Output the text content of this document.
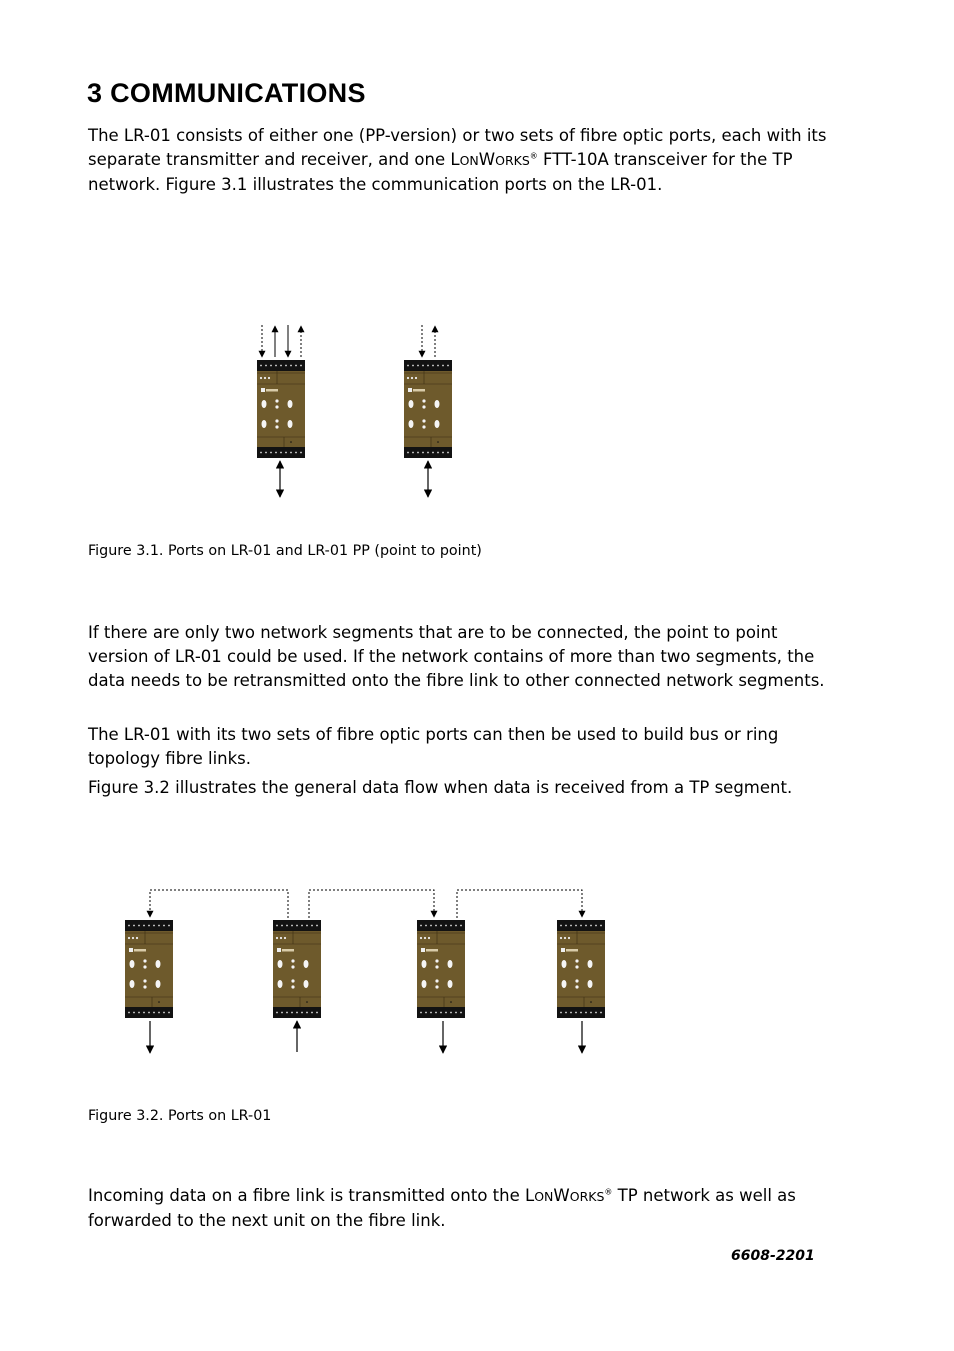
3 COMMUNICATIONS

The LR-01 consists of either one (PP-version) or two sets of fibre optic ports, each with its separate transmitter and receiver, and one LONWORKS® FTT-10A transceiver for the TP network. Figure 3.1 illustrates the communication ports on the LR-01.

Figure 3.1. Ports on LR-01 and LR-01 PP (point to point)

If there are only two network segments that are to be connected, the point to point version of LR-01 could be used. If the network contains of more than two segments, the data needs to be retransmitted onto the fibre link to other connected network segments.

The LR-01 with its two sets of fibre optic ports can then be used to build bus or ring topology fibre links.

Figure 3.2 illustrates the general data flow when data is received from a TP segment.

Figure 3.2. Ports on LR-01

Incoming data on a fibre link is transmitted onto the LONWORKS® TP network as well as forwarded to the next unit on the fibre link.

6608-2201
